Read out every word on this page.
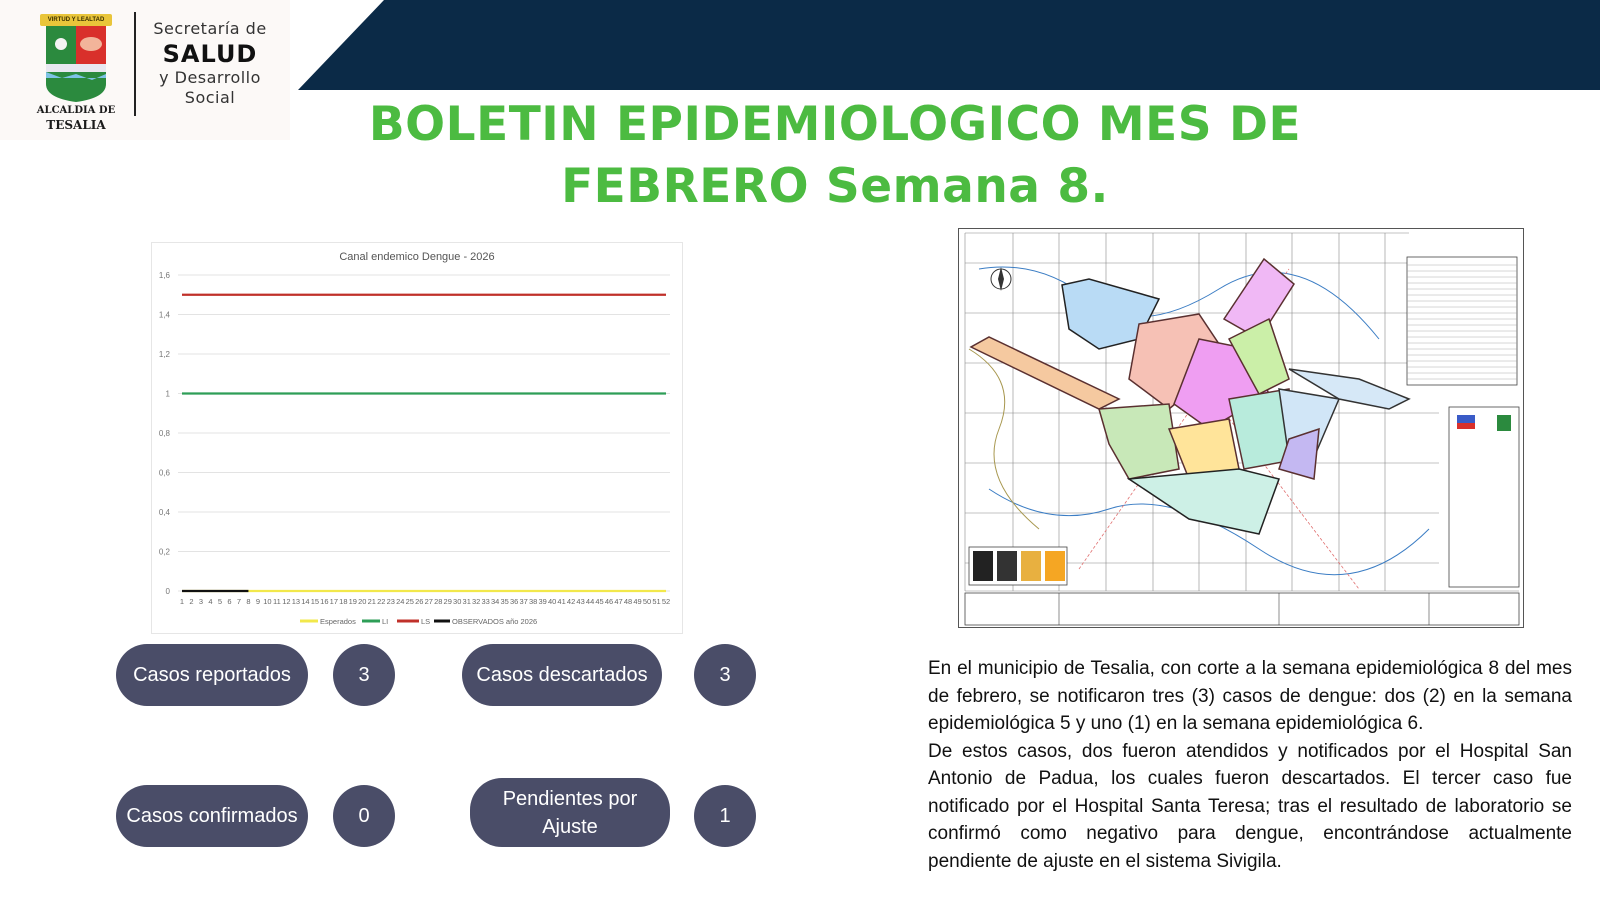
VIRTUD Y LEALTAD
ALCALDIA DE
TESALIA
Secretaría de
SALUD
y Desarrollo
Social	BOLETIN EPIDEMIOLOGICO MES DE
FEBRERO Semana 8.
0
0,2
0,4
0,6
0,8
1
1,2
1,4
1,6
1 2 3 4 5 6 7 8 9 10 11 12 13 14 15 16 17 18 19 20 21 22 23 24 25 26 27 28 29 30 31 32 33 34 35 36 37 38 39 40 41 42 43 44 45 46 47 48 49 50 51 52
Esperados	LI	LS	OBSERVADOS año 2026
Canal endemico Dengue - 2026
Casos reportados	3	Casos descartados	3
Casos confirmados	0
Pendientes por Ajuste	1

En el municipio de Tesalia, con corte a la semana epidemiológica 8 del mes de febrero, se notificaron tres (3) casos de dengue: dos (2) en la semana epidemiológica 5 y uno (1) en la semana epidemiológica 6.

De estos casos, dos fueron atendidos y notificados por el Hospital San Antonio de Padua, los cuales fueron descartados. El tercer caso fue notificado por el Hospital Santa Teresa; tras el resultado de laboratorio se confirmó como negativo para dengue, encontrándose actualmente pendiente de ajuste en el sistema Sivigila.
